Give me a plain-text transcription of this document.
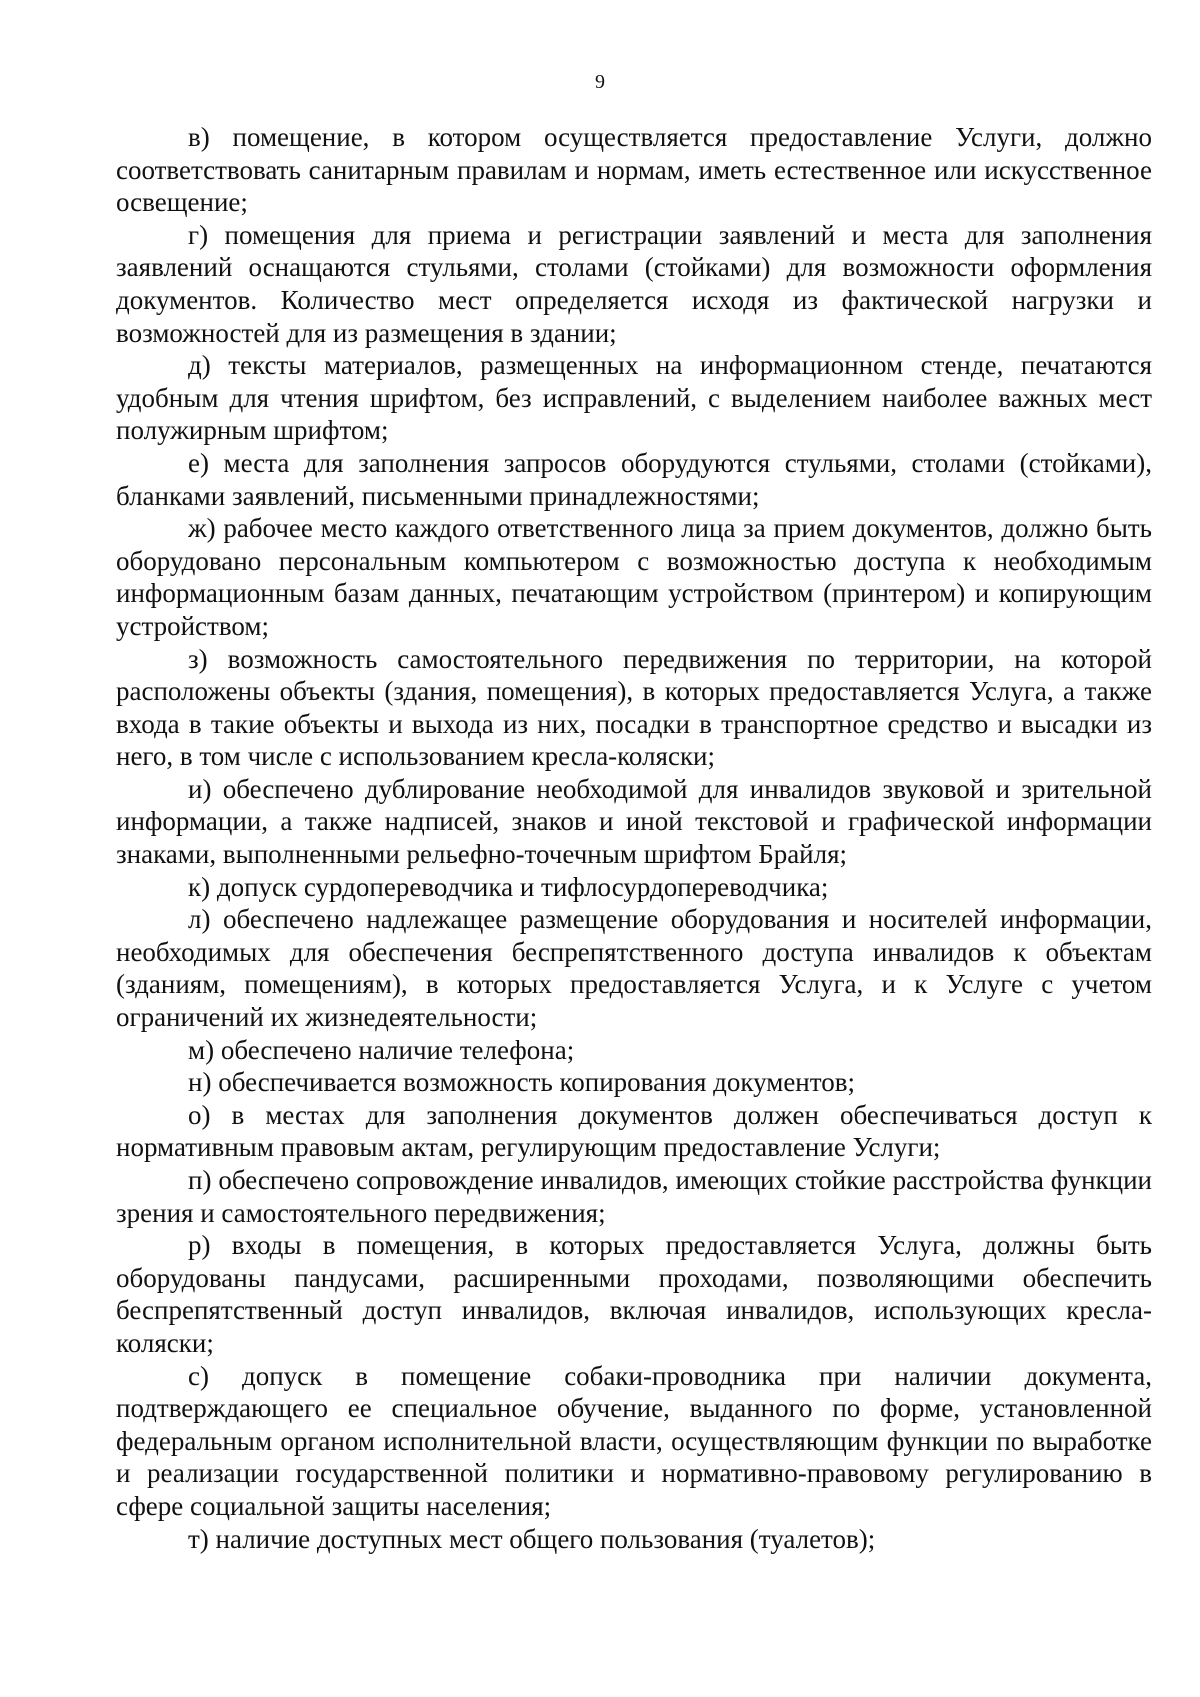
9

в) помещение, в котором осуществляется предоставление Услуги, должно соответствовать санитарным правилам и нормам, иметь естественное или искусственное освещение;

г) помещения для приема и регистрации заявлений и места для заполнения заявлений оснащаются стульями, столами (стойками) для возможности оформления документов. Количество мест определяется исходя из фактической нагрузки и возможностей для из размещения в здании;

д) тексты материалов, размещенных на информационном стенде, печатаются удобным для чтения шрифтом, без исправлений, с выделением наиболее важных мест полужирным шрифтом;

е) места для заполнения запросов оборудуются стульями, столами (стойками), бланками заявлений, письменными принадлежностями;

ж) рабочее место каждого ответственного лица за прием документов, должно быть оборудовано персональным компьютером с возможностью доступа к необходимым информационным базам данных, печатающим устройством (принтером) и копирующим устройством;

з) возможность самостоятельного передвижения по территории, на которой расположены объекты (здания, помещения), в которых предоставляется Услуга, а также входа в такие объекты и выхода из них, посадки в транспортное средство и высадки из него, в том числе с использованием кресла-коляски;

и) обеспечено дублирование необходимой для инвалидов звуковой и зрительной информации, а также надписей, знаков и иной текстовой и графической информации знаками, выполненными рельефно-точечным шрифтом Брайля;

к) допуск сурдопереводчика и тифлосурдопереводчика;

л) обеспечено надлежащее размещение оборудования и носителей информации, необходимых для обеспечения беспрепятственного доступа инвалидов к объектам (зданиям, помещениям), в которых предоставляется Услуга, и к Услуге с учетом ограничений их жизнедеятельности;

м) обеспечено наличие телефона;

н) обеспечивается возможность копирования документов;

о) в местах для заполнения документов должен обеспечиваться доступ к нормативным правовым актам, регулирующим предоставление Услуги;

п) обеспечено сопровождение инвалидов, имеющих стойкие расстройства функции зрения и самостоятельного передвижения;

р) входы в помещения, в которых предоставляется Услуга, должны быть оборудованы пандусами, расширенными проходами, позволяющими обеспечить беспрепятственный доступ инвалидов, включая инвалидов, использующих кресла-коляски;

с) допуск в помещение собаки-проводника при наличии документа, подтверждающего ее специальное обучение, выданного по форме, установленной федеральным органом исполнительной власти, осуществляющим функции по выработке и реализации государственной политики и нормативно-правовому регулированию в сфере социальной защиты населения;

т) наличие доступных мест общего пользования (туалетов);
